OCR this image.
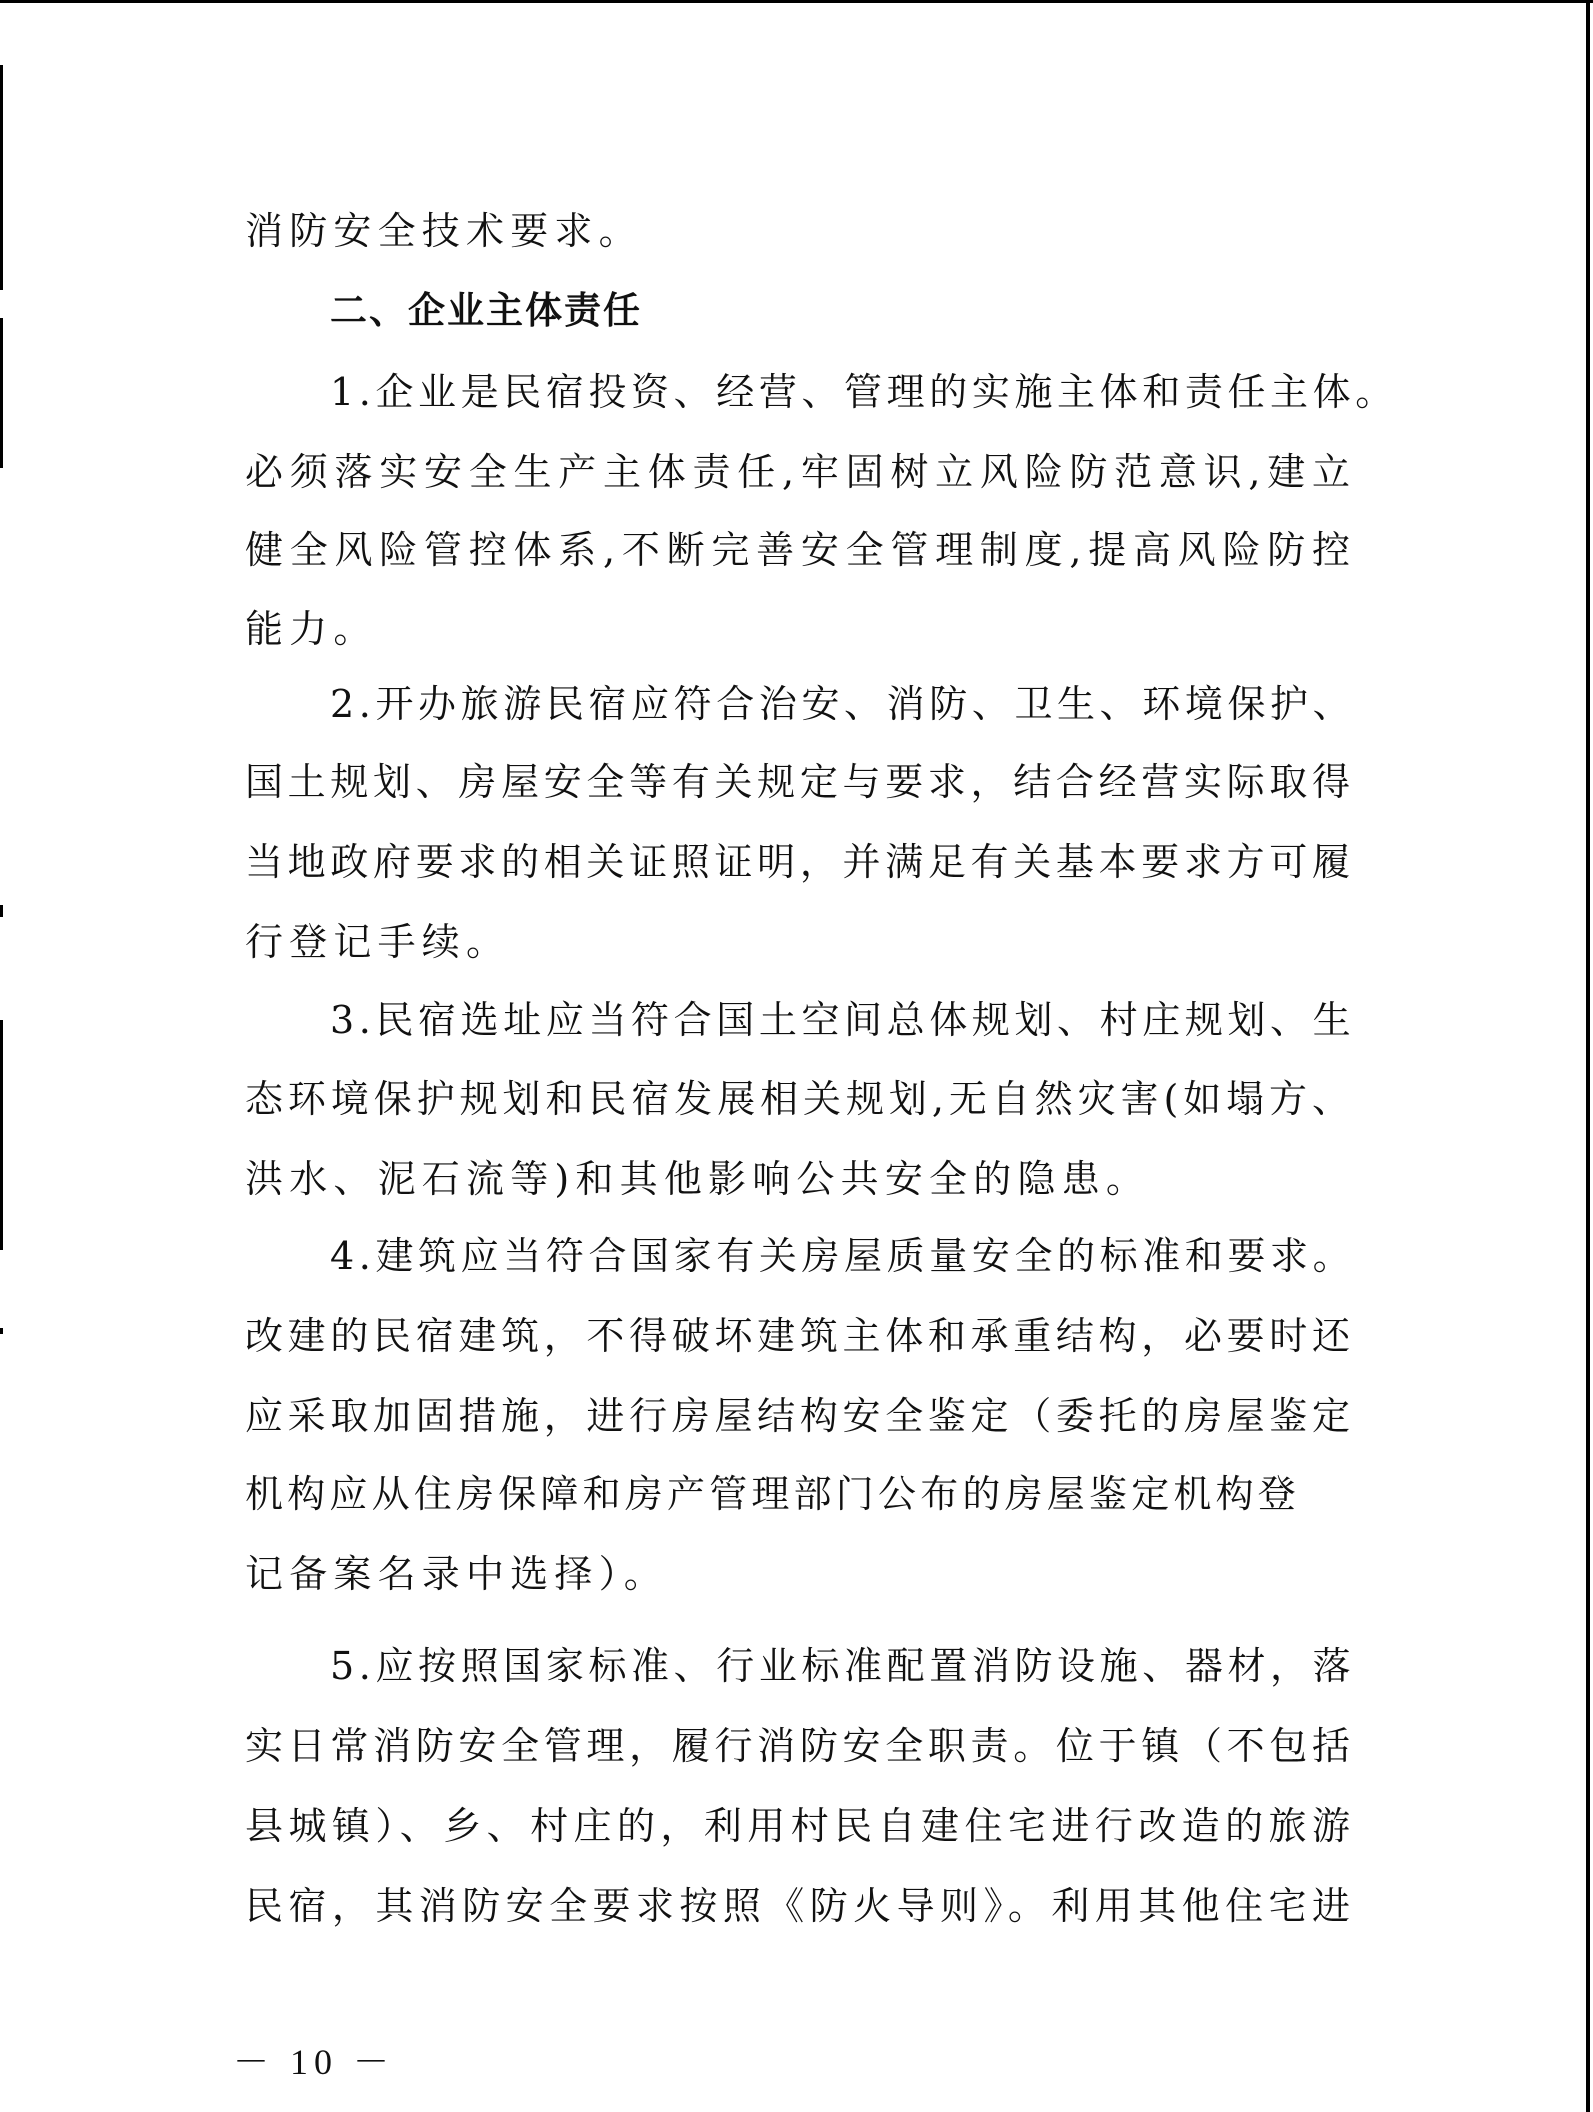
消防安全技术要求。
二、企业主体责任
1.企业是民宿投资、经营、管理的实施主体和责任主体。
必须落实安全生产主体责任,牢固树立风险防范意识,建立
健全风险管控体系,不断完善安全管理制度,提高风险防控
能力。
2.开办旅游民宿应符合治安、消防、卫生、环境保护、
国土规划、房屋安全等有关规定与要求，结合经营实际取得
当地政府要求的相关证照证明，并满足有关基本要求方可履
行登记手续。
3.民宿选址应当符合国土空间总体规划、村庄规划、生
态环境保护规划和民宿发展相关规划,无自然灾害(如塌方、
洪水、泥石流等)和其他影响公共安全的隐患。
4.建筑应当符合国家有关房屋质量安全的标准和要求。
改建的民宿建筑，不得破坏建筑主体和承重结构，必要时还
应采取加固措施，进行房屋结构安全鉴定（委托的房屋鉴定
机构应从住房保障和房产管理部门公布的房屋鉴定机构登
记备案名录中选择）。
5.应按照国家标准、行业标准配置消防设施、器材，落
实日常消防安全管理，履行消防安全职责。位于镇（不包括
县城镇）、乡、村庄的，利用村民自建住宅进行改造的旅游
民宿，其消防安全要求按照《防火导则》。利用其他住宅进
－ 10 －
